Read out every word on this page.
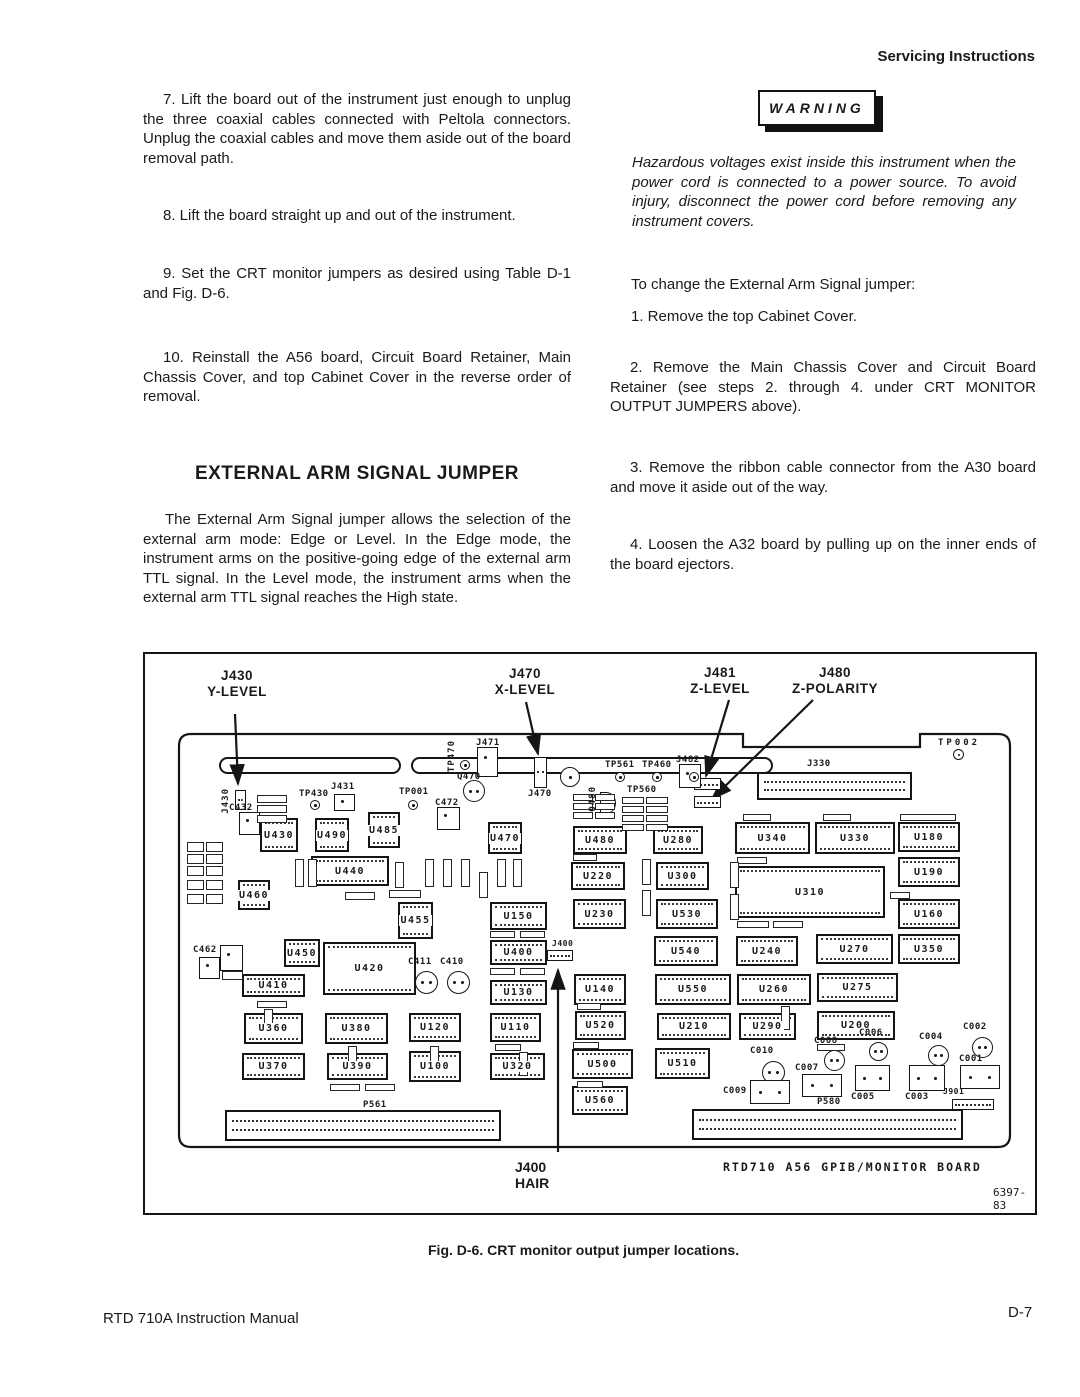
Servicing Instructions
7. Lift the board out of the instrument just enough to unplug the three coaxial cables connected with Peltola connectors. Unplug the coaxial cables and move them aside out of the board removal path.
8. Lift the board straight up and out of the instrument.
9. Set the CRT monitor jumpers as desired using Table D-1 and Fig. D-6.
10. Reinstall the A56 board, Circuit Board Retainer, Main Chassis Cover, and top Cabinet Cover in the reverse order of removal.
EXTERNAL ARM SIGNAL JUMPER
The External Arm Signal jumper allows the selection of the external arm mode: Edge or Level. In the Edge mode, the instrument arms on the positive-going edge of the external arm TTL signal. In the Level mode, the instrument arms when the external arm TTL signal reaches the High state.
WARNING
Hazardous voltages exist inside this instrument when the power cord is connected to a power source. To avoid injury, disconnect the power cord before removing any instrument covers.
To change the External Arm Signal jumper:
1. Remove the top Cabinet Cover.
2. Remove the Main Chassis Cover and Circuit Board Retainer (see steps 2. through 4. under CRT MONITOR OUTPUT JUMPERS above).
3. Remove the ribbon cable connector from the A30 board and move it aside out of the way.
4. Loosen the A32 board by pulling up on the inner ends of the board ejectors.
U430 U490 U485
U470	U480	U280	U340	U330	U180
U460
U440	U220	U300
U310
U190
U455	U150	U230	U530	U160
U450
U420
U400	U540	U240	U270	U350
U410
U130	U140	U550	U260	U275
U360	U380	U120	U110	U520	U210	U290	U200
U370	U390	U100	U320	U500	U510
U560
J471
Q470
C472
J470
TP001
TP430
J431
C432
TP561 TP460
TP560
J482
TP002
J330
J400
C411 C410
C462
P561	P580
J901
C010
C008
C006	C004
C002
C009
C007
C005	C003
C001
TP470
J430	Q480
J430
Y-LEVEL
J470
X-LEVEL
J481
Z-LEVEL
J480
Z-POLARITY
J400
HAIR
RTD710 A56 GPIB/MONITOR BOARD
6397-83
Fig. D-6. CRT monitor output jumper locations.
RTD 710A Instruction Manual	D-7
